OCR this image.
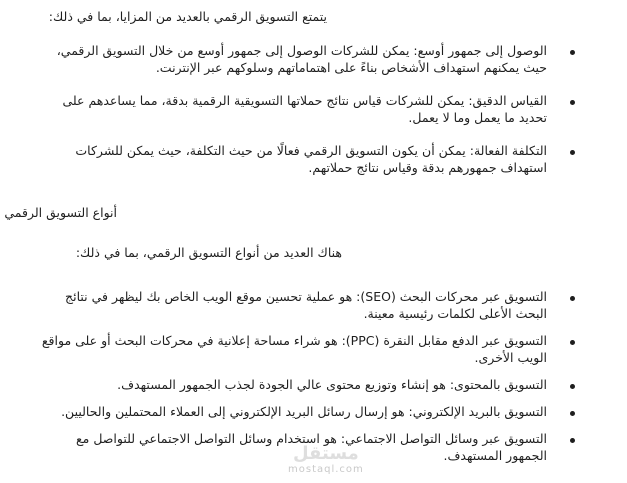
يتمتع التسويق الرقمي بالعديد من المزايا، بما في ذلك:
الوصول إلى جمهور أوسع: يمكن للشركات الوصول إلى جمهور أوسع من خلال التسويق الرقمي، حيث يمكنهم استهداف الأشخاص بناءً على اهتماماتهم وسلوكهم عبر الإنترنت.
القياس الدقيق: يمكن للشركات قياس نتائج حملاتها التسويقية الرقمية بدقة، مما يساعدهم على تحديد ما يعمل وما لا يعمل.
التكلفة الفعالة: يمكن أن يكون التسويق الرقمي فعالًا من حيث التكلفة، حيث يمكن للشركات استهداف جمهورهم بدقة وقياس نتائج حملاتهم.
أنواع التسويق الرقمي
هناك العديد من أنواع التسويق الرقمي، بما في ذلك:
التسويق عبر محركات البحث (SEO): هو عملية تحسين موقع الويب الخاص بك ليظهر في نتائج البحث الأعلى لكلمات رئيسية معينة.
التسويق عبر الدفع مقابل النقرة (PPC): هو شراء مساحة إعلانية في محركات البحث أو على مواقع الويب الأخرى.
التسويق بالمحتوى: هو إنشاء وتوزيع محتوى عالي الجودة لجذب الجمهور المستهدف.
التسويق بالبريد الإلكتروني: هو إرسال رسائل البريد الإلكتروني إلى العملاء المحتملين والحاليين.
التسويق عبر وسائل التواصل الاجتماعي: هو استخدام وسائل التواصل الاجتماعي للتواصل مع الجمهور المستهدف.
مستقل
mostaql.com
